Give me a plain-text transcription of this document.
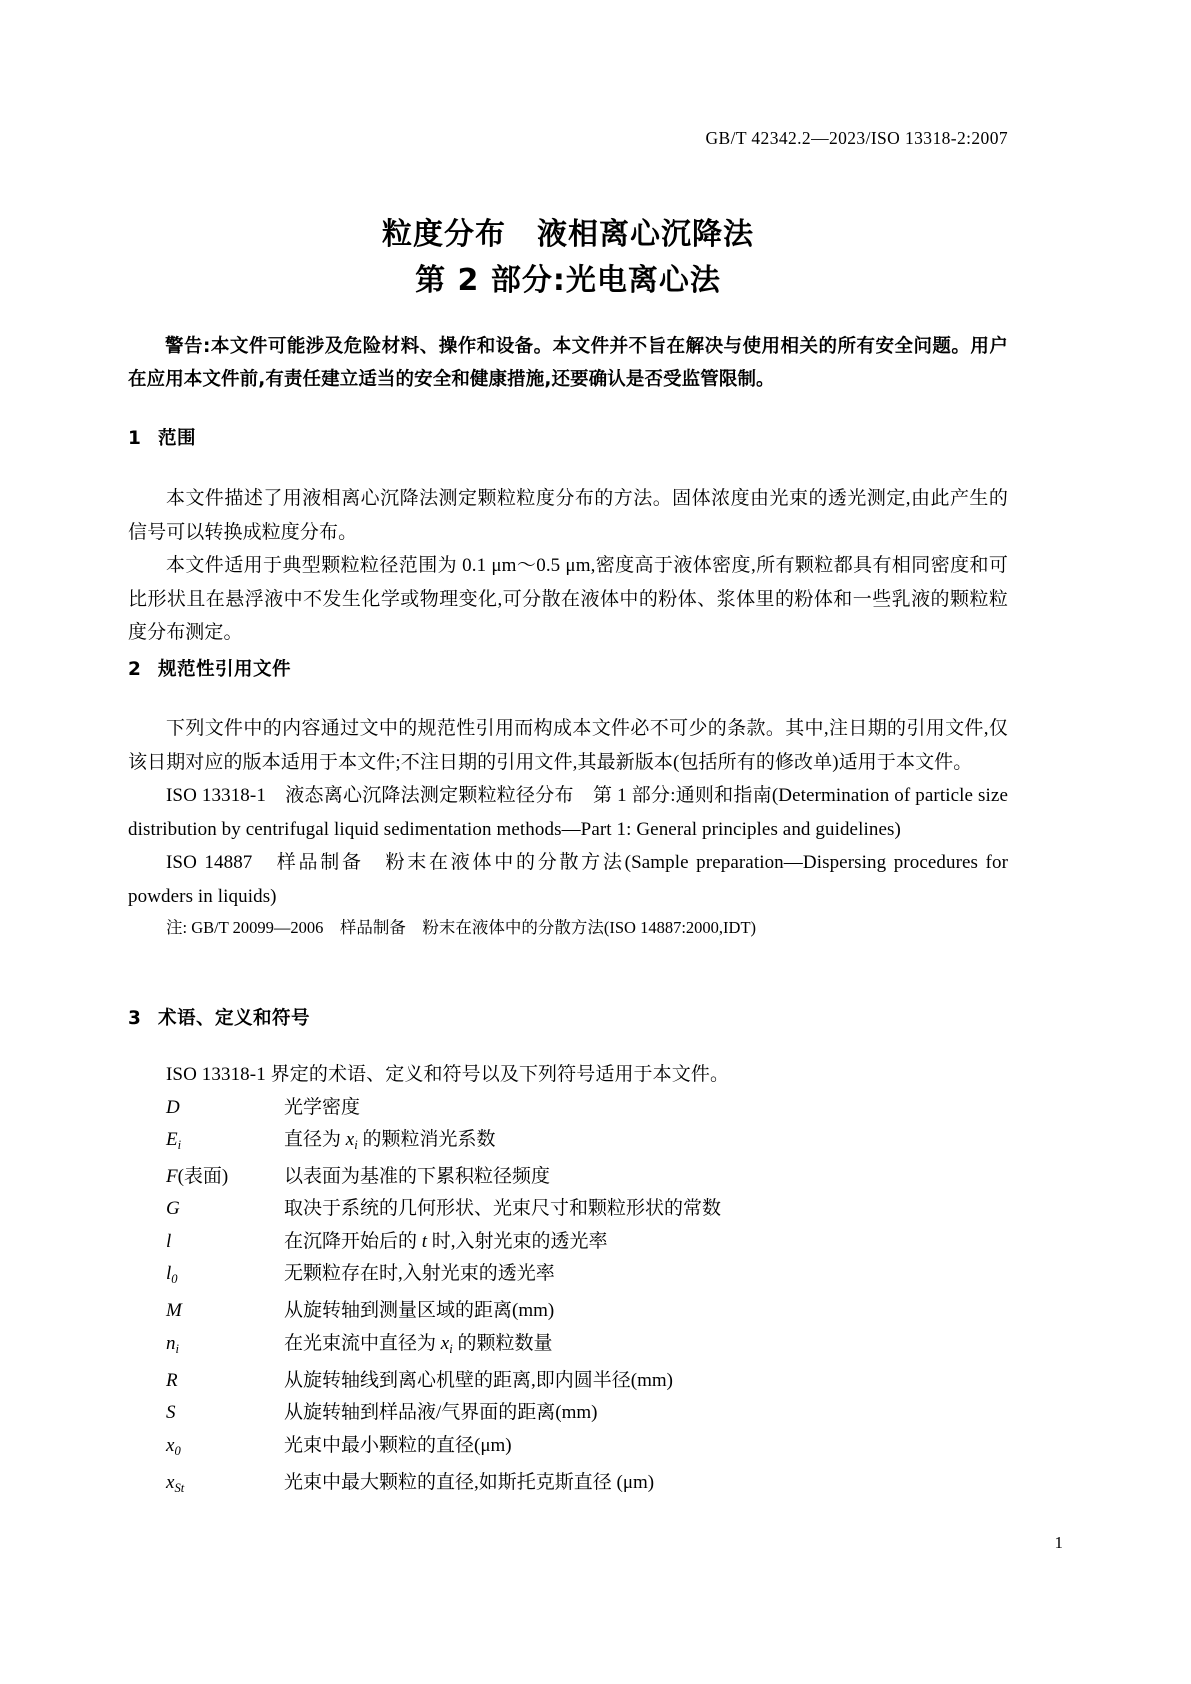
GB/T 42342.2—2023/ISO 13318-2:2007
粒度分布　液相离心沉降法
第 2 部分:光电离心法
警告:本文件可能涉及危险材料、操作和设备。本文件并不旨在解决与使用相关的所有安全问题。用户在应用本文件前,有责任建立适当的安全和健康措施,还要确认是否受监管限制。
1 范围

本文件描述了用液相离心沉降法测定颗粒粒度分布的方法。固体浓度由光束的透光测定,由此产生的信号可以转换成粒度分布。

本文件适用于典型颗粒粒径范围为 0.1 μm～0.5 μm,密度高于液体密度,所有颗粒都具有相同密度和可比形状且在悬浮液中不发生化学或物理变化,可分散在液体中的粉体、浆体里的粉体和一些乳液的颗粒粒度分布测定。

2 规范性引用文件

下列文件中的内容通过文中的规范性引用而构成本文件必不可少的条款。其中,注日期的引用文件,仅该日期对应的版本适用于本文件;不注日期的引用文件,其最新版本(包括所有的修改单)适用于本文件。

ISO 13318-1　液态离心沉降法测定颗粒粒径分布　第 1 部分:通则和指南(Determination of particle size distribution by centrifugal liquid sedimentation methods—Part 1: General principles and guidelines)

ISO 14887　样品制备　粉末在液体中的分散方法(Sample preparation—Dispersing procedures for powders in liquids)

注: GB/T 20099—2006　样品制备　粉末在液体中的分散方法(ISO 14887:2000,IDT)

3 术语、定义和符号

ISO 13318-1 界定的术语、定义和符号以及下列符号适用于本文件。

D	光学密度
$E_i$	直径为 $x_i$ 的颗粒消光系数
F(表面)	以表面为基准的下累积粒径频度
G	取决于系统的几何形状、光束尺寸和颗粒形状的常数
l	在沉降开始后的 t 时,入射光束的透光率
$l_0$	无颗粒存在时,入射光束的透光率
M	从旋转轴到测量区域的距离(mm)
$n_i$	在光束流中直径为 $x_i$ 的颗粒数量
R	从旋转轴线到离心机壁的距离,即内圆半径(mm)
S	从旋转轴到样品液/气界面的距离(mm)
$x_0$	光束中最小颗粒的直径(μm)
$x_{St}$	光束中最大颗粒的直径,如斯托克斯直径 (μm)
1
